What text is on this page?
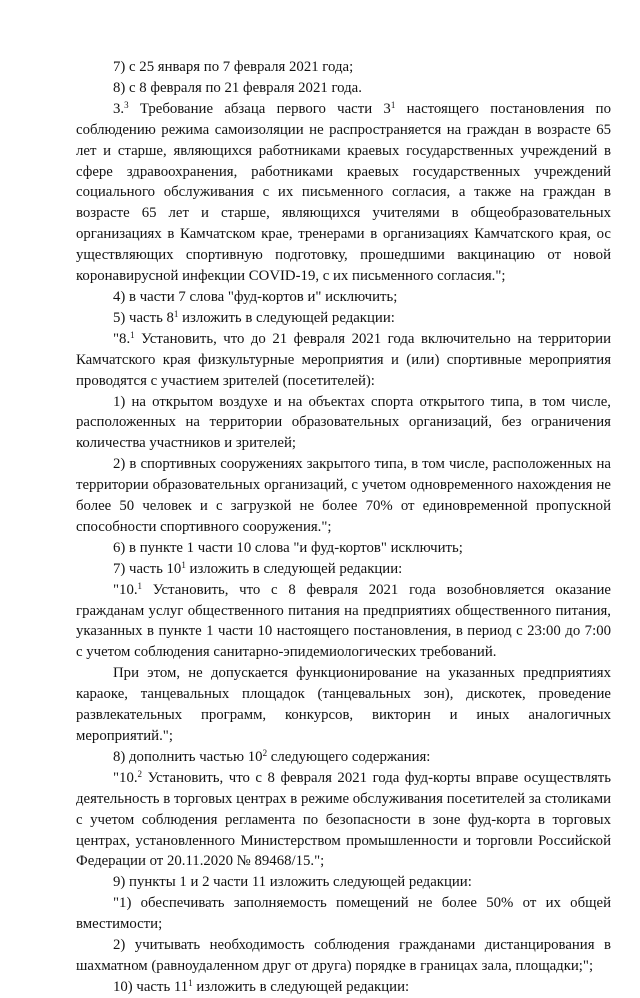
7) с 25 января по 7 февраля 2021 года;

8) с 8 февраля по 21 февраля 2021 года.

3.$^3$ Требование абзаца первого части $3^1$ настоящего постановления по соблюдению режима самоизоляции не распространяется на граждан в возрасте 65 лет и старше, являющихся работниками краевых государственных учреждений в сфере здравоохранения, работниками краевых государственных учреждений социального обслуживания с их письменного согласия, а также на граждан в возрасте 65 лет и старше, являющихся учителями в общеобразовательных организациях в Камчатском крае, тренерами в организациях Камчатского края, ос уществляющих спортивную подготовку, прошедшими вакцинацию от новой коронавирусной инфекции COVID-19, с их письменного согласия.";

4) в части 7 слова "фуд-кортов и" исключить;

5) часть $8^1$ изложить в следующей редакции:

"8.$^1$ Установить, что до 21 февраля 2021 года включительно на территории Камчатского края физкультурные мероприятия и (или) спортивные мероприятия проводятся с участием зрителей (посетителей):

1) на открытом воздухе и на объектах спорта открытого типа, в том числе, расположенных на территории образовательных организаций, без ограничения количества участников и зрителей;

2) в спортивных сооружениях закрытого типа, в том числе, расположенных на территории образовательных организаций, с учетом одновременного нахождения не более 50 человек и с загрузкой не более 70% от единовременной пропускной способности спортивного сооружения.";

6) в пункте 1 части 10 слова "и фуд-кортов" исключить;

7) часть $10^1$ изложить в следующей редакции:

"10.$^1$ Установить, что с 8 февраля 2021 года возобновляется оказание гражданам услуг общественного питания на предприятиях общественного питания, указанных в пункте 1 части 10 настоящего постановления, в период с 23:00 до 7:00 с учетом соблюдения санитарно-эпидемиологических требований.

При этом, не допускается функционирование на указанных предприятиях караоке, танцевальных площадок (танцевальных зон), дискотек, проведение развлекательных программ, конкурсов, викторин и иных аналогичных мероприятий.";

8) дополнить частью $10^2$ следующего содержания:

"10.$^2$ Установить, что с 8 февраля 2021 года фуд-корты вправе осуществлять деятельность в торговых центрах в режиме обслуживания посетителей за столиками с учетом соблюдения регламента по безопасности в зоне фуд-корта в торговых центрах, установленного Министерством промышленности и торговли Российской Федерации от 20.11.2020 № 89468/15.";

9) пункты 1 и 2 части 11 изложить следующей редакции:

"1) обеспечивать заполняемость помещений не более 50% от их общей вместимости;

2) учитывать необходимость соблюдения гражданами дистанцирования в шахматном (равноудаленном друг от друга) порядке в границах зала, площадки;";

10) часть $11^1$ изложить в следующей редакции:
